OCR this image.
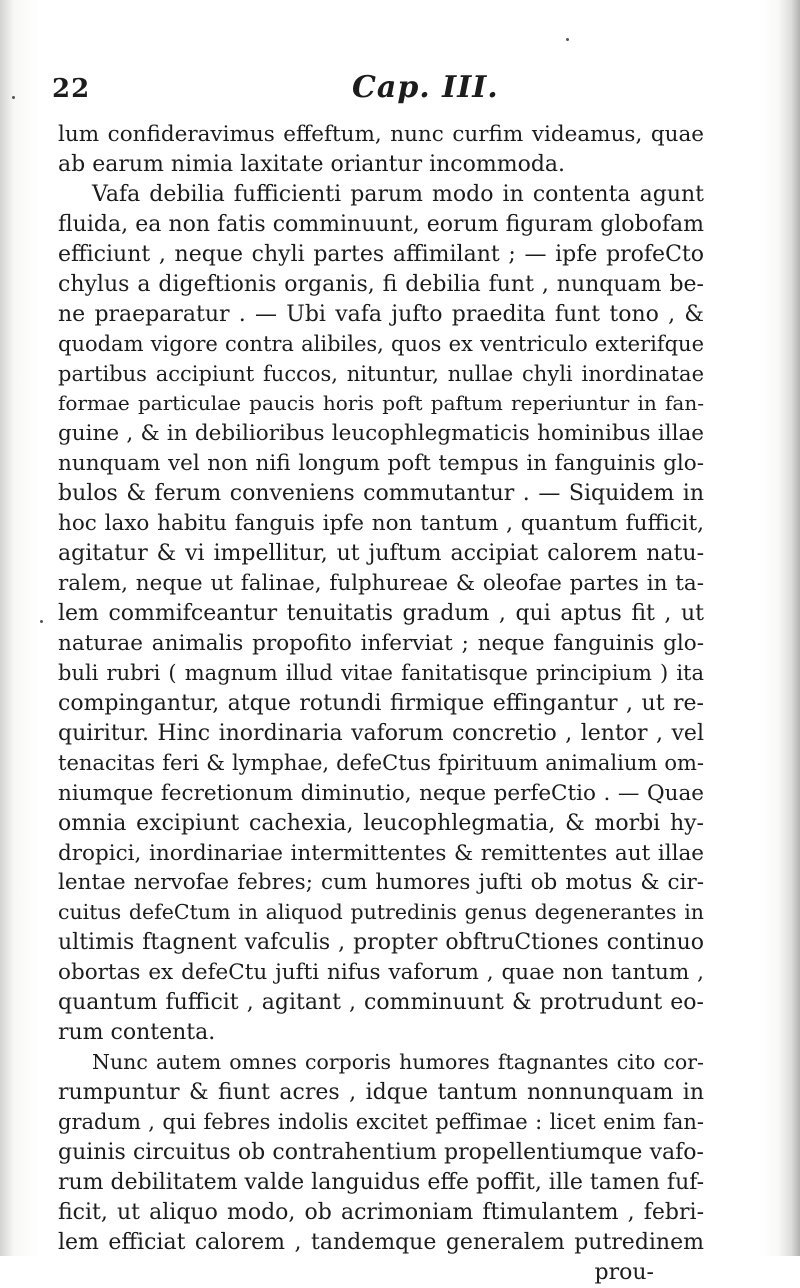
22	Cap. III.
lum confideravimus effeftum, nunc curfim videamus, quae
ab earum nimia laxitate oriantur incommoda.
Vafa debilia fufficienti parum modo in contenta agunt
fluida, ea non fatis comminuunt, eorum figuram globofam
efficiunt , neque chyli partes affimilant ; — ipfe profeCto
chylus a digeftionis organis, fi debilia funt , nunquam be-
ne praeparatur . — Ubi vafa jufto praedita funt tono , &
quodam vigore contra alibiles, quos ex ventriculo exterifque
partibus accipiunt fuccos, nituntur, nullae chyli inordinatae
formae particulae paucis horis poft paftum reperiuntur in fan-
guine , & in debilioribus leucophlegmaticis hominibus illae
nunquam vel non nifi longum poft tempus in fanguinis glo-
bulos & ferum conveniens commutantur . — Siquidem in
hoc laxo habitu fanguis ipfe non tantum , quantum fufficit,
agitatur & vi impellitur, ut juftum accipiat calorem natu-
ralem, neque ut falinae, fulphureae & oleofae partes in ta-
lem commifceantur tenuitatis gradum , qui aptus fit , ut
naturae animalis propofito inferviat ; neque fanguinis glo-
buli rubri ( magnum illud vitae fanitatisque principium ) ita
compingantur, atque rotundi firmique effingantur , ut re-
quiritur. Hinc inordinaria vaforum concretio , lentor , vel
tenacitas feri & lymphae, defeCtus fpirituum animalium om-
niumque fecretionum diminutio, neque perfeCtio . — Quae
omnia excipiunt cachexia, leucophlegmatia, & morbi hy-
dropici, inordinariae intermittentes & remittentes aut illae
lentae nervofae febres; cum humores jufti ob motus & cir-
cuitus defeCtum in aliquod putredinis genus degenerantes in
ultimis ftagnent vafculis , propter obftruCtiones continuo
obortas ex defeCtu jufti nifus vaforum , quae non tantum ,
quantum fufficit , agitant , comminuunt & protrudunt eo-
rum contenta.
Nunc autem omnes corporis humores ftagnantes cito cor-
rumpuntur & fiunt acres , idque tantum nonnunquam in
gradum , qui febres indolis excitet peffimae : licet enim fan-
guinis circuitus ob contrahentium propellentiumque vafo-
rum debilitatem valde languidus effe poffit, ille tamen fuf-
ficit, ut aliquo modo, ob acrimoniam ftimulantem , febri-
lem efficiat calorem , tandemque generalem putredinem
prou-
